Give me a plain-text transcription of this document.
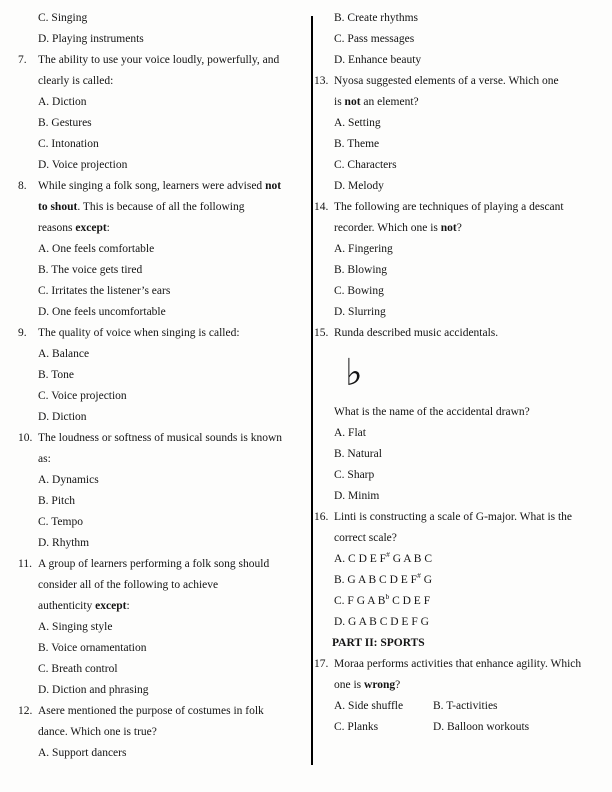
C. Singing
D. Playing instruments
7. The ability to use your voice loudly, powerfully, and
clearly is called:
A. Diction
B. Gestures
C. Intonation
D. Voice projection
8. While singing a folk song, learners were advised not
to shout. This is because of all the following
reasons except:
A. One feels comfortable
B. The voice gets tired
C. Irritates the listener’s ears
D. One feels uncomfortable
9. The quality of voice when singing is called:
A. Balance
B. Tone
C. Voice projection
D. Diction
10. The loudness or softness of musical sounds is known
as:
A. Dynamics
B. Pitch
C. Tempo
D. Rhythm
11. A group of learners performing a folk song should
consider all of the following to achieve
authenticity except:
A. Singing style
B. Voice ornamentation
C. Breath control
D. Diction and phrasing
12. Asere mentioned the purpose of costumes in folk
dance. Which one is true?
A. Support dancers
B. Create rhythms
C. Pass messages
D. Enhance beauty
13. Nyosa suggested elements of a verse. Which one
is not an element?
A. Setting
B. Theme
C. Characters
D. Melody
14. The following are techniques of playing a descant
recorder. Which one is not?
A. Fingering
B. Blowing
C. Bowing
D. Slurring
15. Runda described music accidentals.
♭
What is the name of the accidental drawn?
A. Flat
B. Natural
C. Sharp
D. Minim
16. Linti is constructing a scale of G-major. What is the
correct scale?
A. C D E F# G A B C
B. G A B C D E F# G
C. F G A $B^b$ C D E F
D. G A B C D E F G
PART II: SPORTS
17. Moraa performs activities that enhance agility. Which
one is wrong?
A. Side shuffle	B. T-activities
C. Planks	D. Balloon workouts
